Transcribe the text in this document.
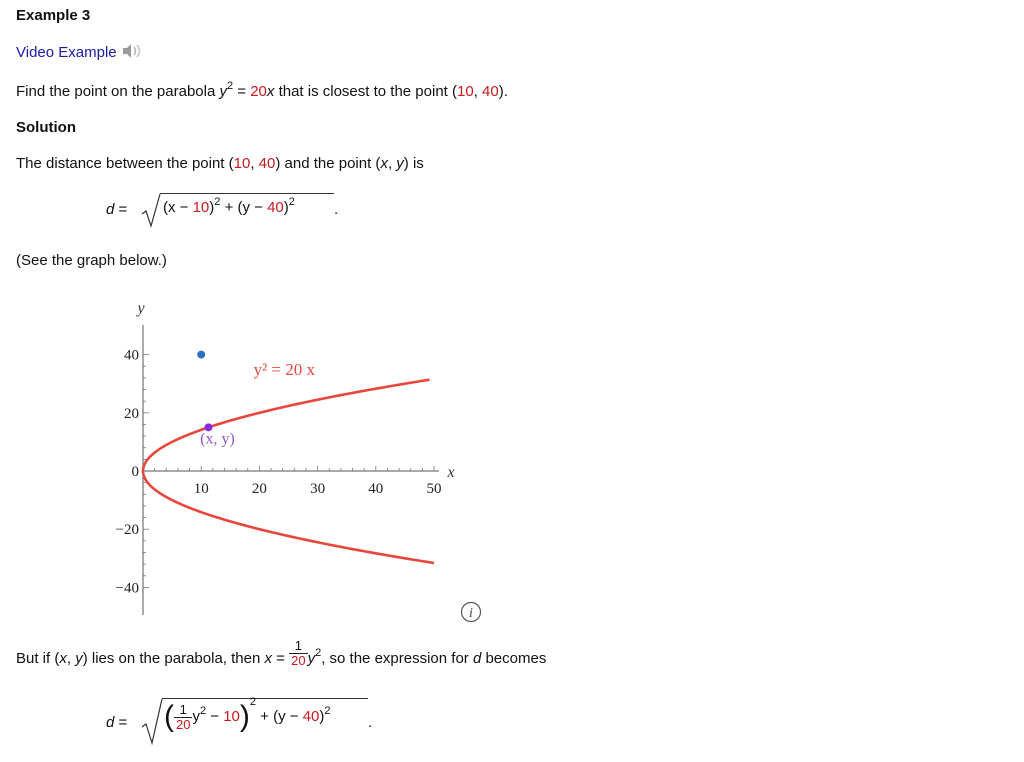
Example 3
Video Example
Find the point on the parabola $y^2 = 20x$ that is closest to the point (10, 40).
Solution
The distance between the point (10, 40) and the point (x, y) is
$d = (x - 10)^2 + (y - 40)^2$	.
(See the graph below.)
y
x
10	20	30	40	50
40
20
0
−20
−40
y² = 20 x
(x, y)
i
But if (x, y) lies on the parabola, then $x = \frac{1}{20} y^2$, so the expression for d becomes
d = ( $\frac{1}{20} y^2 - 10)^2 + (y - 40)^2$
.
